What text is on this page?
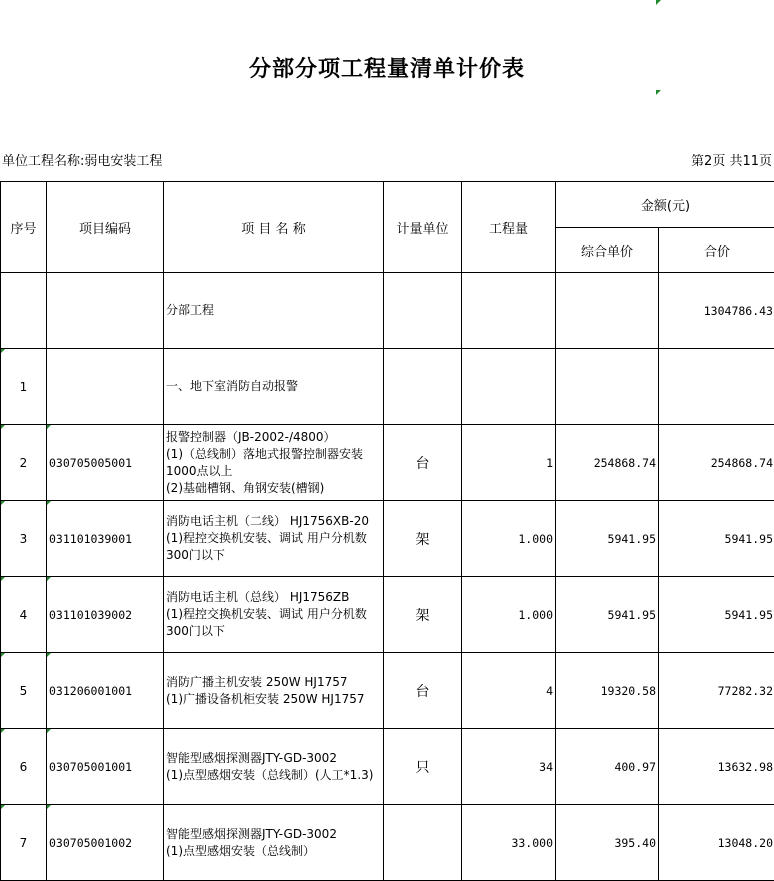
分部分项工程量清单计价表
单位工程名称:弱电安装工程	第2页 共11页
序号	项目编码	项 目 名 称	计量单位	工程量	金额(元)	
					综合单价	合价
		分部工程				1304786.43

1		一、地下室消防自动报警				

2	030705005001	报警控制器（JB-2002-/4800）
(1)（总线制）落地式报警控制器安装 1000点以上
(2)基础槽钢、角钢安装(槽钢)	台	1	254868.74	254868.74

3	031101039001	消防电话主机（二线） HJ1756XB-20
(1)程控交换机安装、调试 用户分机数 300门以下	架	1.000	5941.95	5941.95

4	031101039002	消防电话主机（总线） HJ1756ZB
(1)程控交换机安装、调试 用户分机数 300门以下	架	1.000	5941.95	5941.95

5	031206001001	消防广播主机安装 250W HJ1757
(1)广播设备机柜安装 250W HJ1757	台	4	19320.58	77282.32

6	030705001001	智能型感烟探测器JTY-GD-3002
(1)点型感烟安装（总线制）(人工*1.3)	只	34	400.97	13632.98

7	030705001002	智能型感烟探测器JTY-GD-3002
(1)点型感烟安装（总线制）		33.000	395.40	13048.20
